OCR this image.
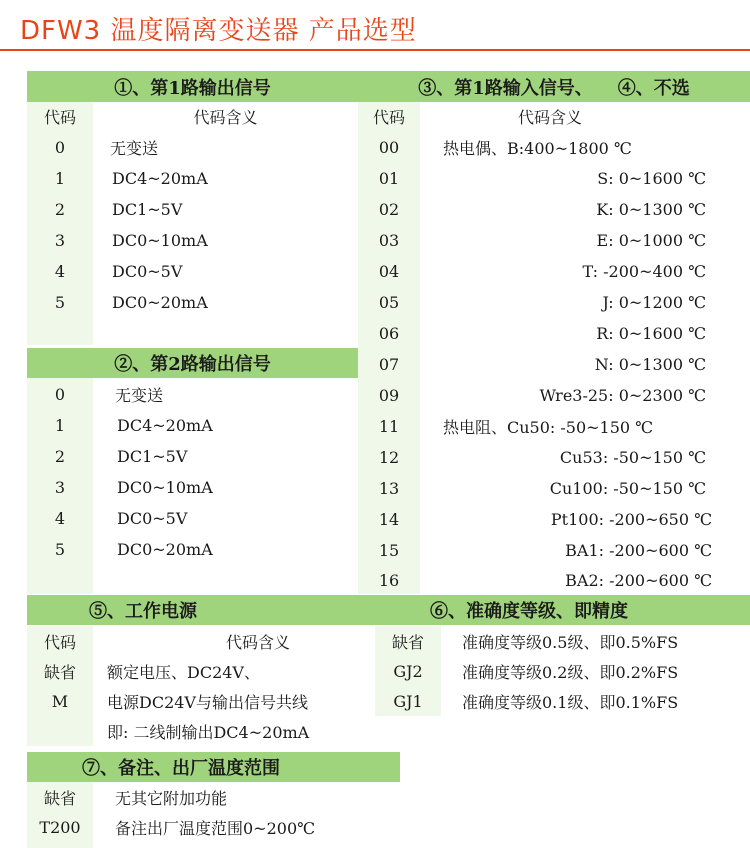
DFW3 温度隔离变送器 产品选型
①、第1路输出信号
代码	代码含义
0	无变送
1	DC4~20mA
2	DC1~5V
3	DC0~10mA
4	DC0~5V
5	DC0~20mA
②、第2路输出信号
0	无变送
1	DC4~20mA
2	DC1~5V
3	DC0~10mA
4	DC0~5V
5	DC0~20mA
③、第1路输入信号、    ④、不选
代码	代码含义
00	热电偶、B:400~1800 ℃
01	S: 0~1600 ℃
02	K: 0~1300 ℃
03	E: 0~1000 ℃
04	T: -200~400 ℃
05	J: 0~1200 ℃
06	R: 0~1600 ℃
07	N: 0~1300 ℃
09	Wre3-25: 0~2300 ℃
11	热电阻、Cu50: -50~150 ℃
12	Cu53: -50~150 ℃
13	Cu100: -50~150 ℃
14	Pt100: -200~650 ℃
15	BA1: -200~600 ℃
16	BA2: -200~600 ℃
⑤、工作电源
代码	代码含义
缺省	额定电压、DC24V、
M	电源DC24V与输出信号共线
即: 二线制输出DC4~20mA
⑥、准确度等级、即精度
缺省	准确度等级0.5级、即0.5%FS
GJ2	准确度等级0.2级、即0.2%FS
GJ1	准确度等级0.1级、即0.1%FS
⑦、备注、出厂温度范围
缺省	无其它附加功能
T200	备注出厂温度范围0~200℃
